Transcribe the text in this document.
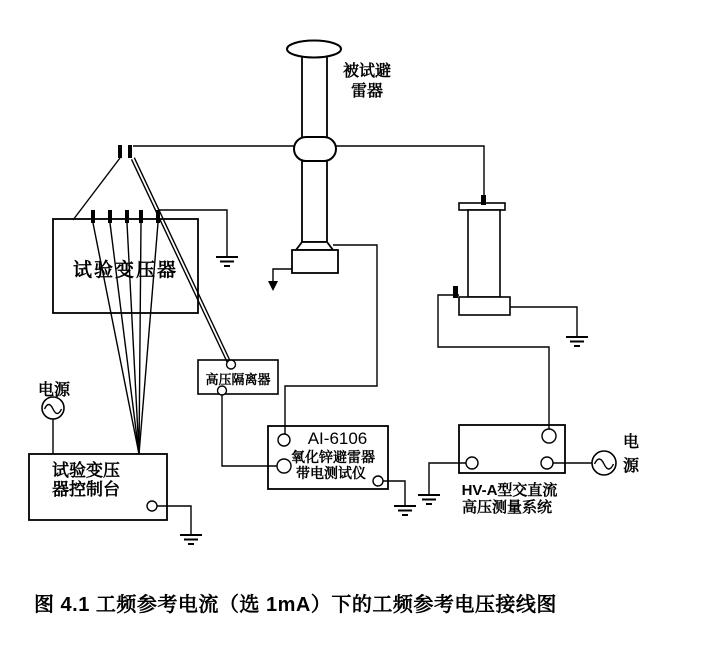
被试避
雷器
试验变压器
电源
试验变压
器控制台
高压隔离器
AI-6106
氧化锌避雷器
带电测试仪
HV-A型交直流
高压测量系统
电
源
图 4.1 工频参考电流（选 1mA）下的工频参考电压接线图
